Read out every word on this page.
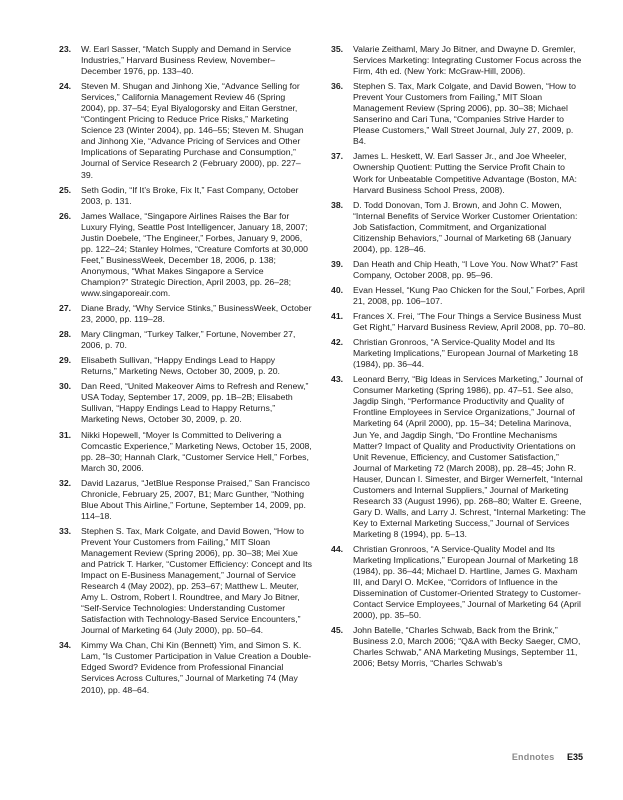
23. W. Earl Sasser, “Match Supply and Demand in Service Industries,” Harvard Business Review, November–December 1976, pp. 133–40.
24. Steven M. Shugan and Jinhong Xie, “Advance Selling for Services,” California Management Review 46 (Spring 2004), pp. 37–54; Eyal Biyalogorsky and Eitan Gerstner, “Contingent Pricing to Reduce Price Risks,” Marketing Science 23 (Winter 2004), pp. 146–55; Steven M. Shugan and Jinhong Xie, “Advance Pricing of Services and Other Implications of Separating Purchase and Consumption,” Journal of Service Research 2 (February 2000), pp. 227–39.
25. Seth Godin, “If It’s Broke, Fix It,” Fast Company, October 2003, p. 131.
26. James Wallace, “Singapore Airlines Raises the Bar for Luxury Flying, Seattle Post Intelligencer, January 18, 2007; Justin Doebele, “The Engineer,” Forbes, January 9, 2006, pp. 122–24; Stanley Holmes, “Creature Comforts at 30,000 Feet,” BusinessWeek, December 18, 2006, p. 138; Anonymous, “What Makes Singapore a Service Champion?” Strategic Direction, April 2003, pp. 26–28; www.singaporeair.com.
27. Diane Brady, “Why Service Stinks,” BusinessWeek, October 23, 2000, pp. 119–28.
28. Mary Clingman, “Turkey Talker,” Fortune, November 27, 2006, p. 70.
29. Elisabeth Sullivan, “Happy Endings Lead to Happy Returns,” Marketing News, October 30, 2009, p. 20.
30. Dan Reed, “United Makeover Aims to Refresh and Renew,” USA Today, September 17, 2009, pp. 1B–2B; Elisabeth Sullivan, “Happy Endings Lead to Happy Returns,” Marketing News, October 30, 2009, p. 20.
31. Nikki Hopewell, “Moyer Is Committed to Delivering a Comcastic Experience,” Marketing News, October 15, 2008, pp. 28–30; Hannah Clark, “Customer Service Hell,” Forbes, March 30, 2006.
32. David Lazarus, “JetBlue Response Praised,” San Francisco Chronicle, February 25, 2007, B1; Marc Gunther, “Nothing Blue About This Airline,” Fortune, September 14, 2009, pp. 114–18.
33. Stephen S. Tax, Mark Colgate, and David Bowen, “How to Prevent Your Customers from Failing,” MIT Sloan Management Review (Spring 2006), pp. 30–38; Mei Xue and Patrick T. Harker, “Customer Efficiency: Concept and Its Impact on E-Business Management,” Journal of Service Research 4 (May 2002), pp. 253–67; Matthew L. Meuter, Amy L. Ostrom, Robert I. Roundtree, and Mary Jo Bitner, “Self-Service Technologies: Understanding Customer Satisfaction with Technology-Based Service Encounters,” Journal of Marketing 64 (July 2000), pp. 50–64.
34. Kimmy Wa Chan, Chi Kin (Bennett) Yim, and Simon S. K. Lam, “Is Customer Participation in Value Creation a Double-Edged Sword? Evidence from Professional Financial Services Across Cultures,” Journal of Marketing 74 (May 2010), pp. 48–64.
35. Valarie Zeithaml, Mary Jo Bitner, and Dwayne D. Gremler, Services Marketing: Integrating Customer Focus across the Firm, 4th ed. (New York: McGraw-Hill, 2006).
36. Stephen S. Tax, Mark Colgate, and David Bowen, “How to Prevent Your Customers from Failing,” MIT Sloan Management Review (Spring 2006), pp. 30–38; Michael Sanserino and Cari Tuna, “Companies Strive Harder to Please Customers,” Wall Street Journal, July 27, 2009, p. B4.
37. James L. Heskett, W. Earl Sasser Jr., and Joe Wheeler, Ownership Quotient: Putting the Service Profit Chain to Work for Unbeatable Competitive Advantage (Boston, MA: Harvard Business School Press, 2008).
38. D. Todd Donovan, Tom J. Brown, and John C. Mowen, “Internal Benefits of Service Worker Customer Orientation: Job Satisfaction, Commitment, and Organizational Citizenship Behaviors,” Journal of Marketing 68 (January 2004), pp. 128–46.
39. Dan Heath and Chip Heath, “I Love You. Now What?” Fast Company, October 2008, pp. 95–96.
40. Evan Hessel, “Kung Pao Chicken for the Soul,” Forbes, April 21, 2008, pp. 106–107.
41. Frances X. Frei, “The Four Things a Service Business Must Get Right,” Harvard Business Review, April 2008, pp. 70–80.
42. Christian Gronroos, “A Service-Quality Model and Its Marketing Implications,” European Journal of Marketing 18 (1984), pp. 36–44.
43. Leonard Berry, “Big Ideas in Services Marketing,” Journal of Consumer Marketing (Spring 1986), pp. 47–51. See also, Jagdip Singh, “Performance Productivity and Quality of Frontline Employees in Service Organizations,” Journal of Marketing 64 (April 2000), pp. 15–34; Detelina Marinova, Jun Ye, and Jagdip Singh, “Do Frontline Mechanisms Matter? Impact of Quality and Productivity Orientations on Unit Revenue, Efficiency, and Customer Satisfaction,” Journal of Marketing 72 (March 2008), pp. 28–45; John R. Hauser, Duncan I. Simester, and Birger Wernerfelt, “Internal Customers and Internal Suppliers,” Journal of Marketing Research 33 (August 1996), pp. 268–80; Walter E. Greene, Gary D. Walls, and Larry J. Schrest, “Internal Marketing: The Key to External Marketing Success,” Journal of Services Marketing 8 (1994), pp. 5–13.
44. Christian Gronroos, “A Service-Quality Model and Its Marketing Implications,” European Journal of Marketing 18 (1984), pp. 36–44; Michael D. Hartline, James G. Maxham III, and Daryl O. McKee, “Corridors of Influence in the Dissemination of Customer-Oriented Strategy to Customer-Contact Service Employees,” Journal of Marketing 64 (April 2000), pp. 35–50.
45. John Batelle, “Charles Schwab, Back from the Brink,” Business 2.0, March 2006; “Q&A with Becky Saeger, CMO, Charles Schwab,” ANA Marketing Musings, September 11, 2006; Betsy Morris, “Charles Schwab’s
Endnotes E35
